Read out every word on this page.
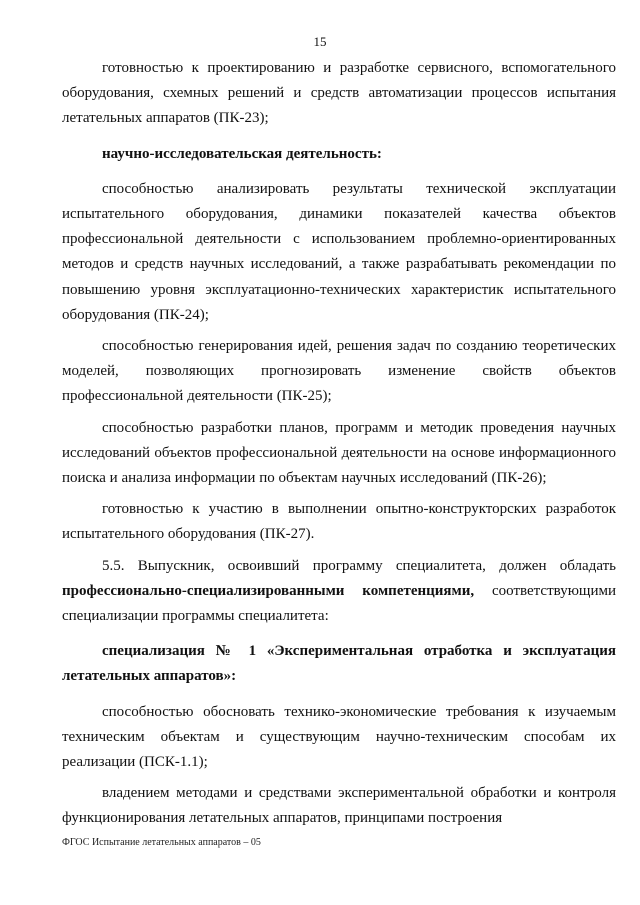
15

готовностью к проектированию и разработке сервисного, вспомогательного оборудования, схемных решений и средств автоматизации процессов испытания летательных аппаратов (ПК-23);

научно-исследовательская деятельность:

способностью анализировать результаты технической эксплуатации испытательного оборудования, динамики показателей качества объектов профессиональной деятельности с использованием проблемно-ориентированных методов и средств научных исследований, а также разрабатывать рекомендации по повышению уровня эксплуатационно-технических характеристик испытательного оборудования (ПК-24);

способностью генерирования идей, решения задач по созданию теоретических моделей, позволяющих прогнозировать изменение свойств объектов профессиональной деятельности (ПК-25);

способностью разработки планов, программ и методик проведения научных исследований объектов профессиональной деятельности на основе информационного поиска и анализа информации по объектам научных исследований (ПК-26);

готовностью к участию в выполнении опытно-конструкторских разработок испытательного оборудования (ПК-27).

5.5. Выпускник, освоивший программу специалитета, должен обладать профессионально-специализированными компетенциями, соответствующими специализации программы специалитета:

специализация № 1 «Экспериментальная отработка и эксплуатация летательных аппаратов»:

способностью обосновать технико-экономические требования к изучаемым техническим объектам и существующим научно-техническим способам их реализации (ПСК-1.1);

владением методами и средствами экспериментальной обработки и контроля функционирования летательных аппаратов, принципами построения

ФГОС Испытание летательных аппаратов – 05
